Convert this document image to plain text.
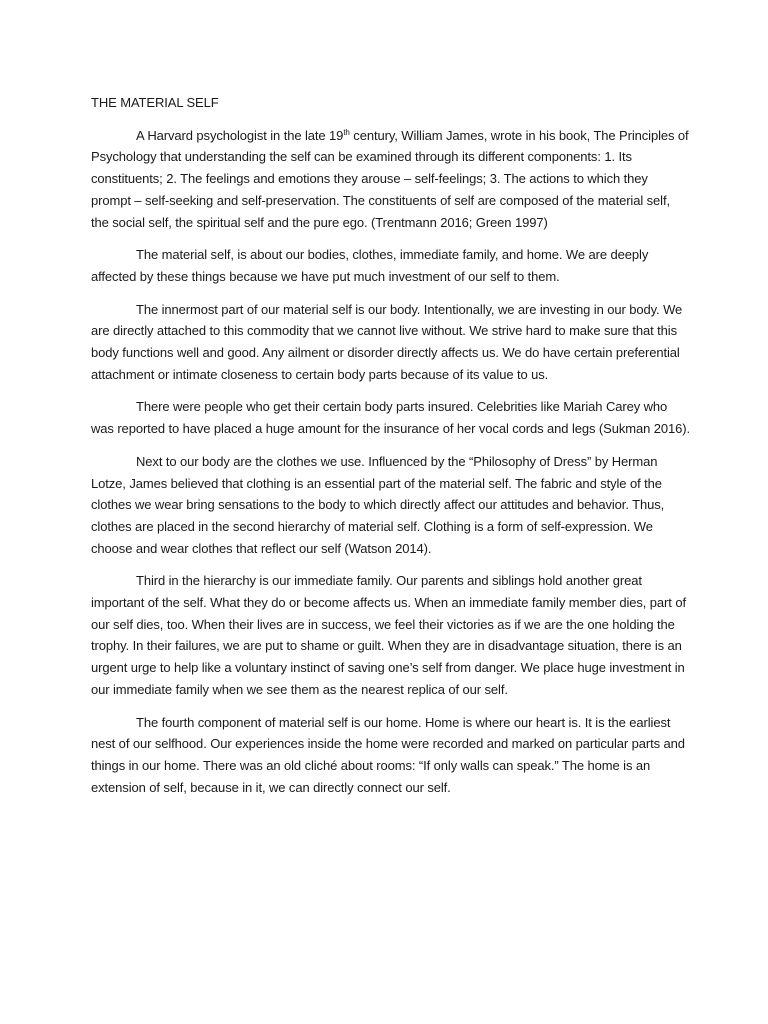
THE MATERIAL SELF

A Harvard psychologist in the late 19th century, William James, wrote in his book, The Principles of Psychology that understanding the self can be examined through its different components: 1. Its constituents; 2. The feelings and emotions they arouse – self-feelings; 3. The actions to which they prompt – self-seeking and self-preservation. The constituents of self are composed of the material self, the social self, the spiritual self and the pure ego. (Trentmann 2016; Green 1997)

The material self, is about our bodies, clothes, immediate family, and home. We are deeply affected by these things because we have put much investment of our self to them.

The innermost part of our material self is our body. Intentionally, we are investing in our body. We are directly attached to this commodity that we cannot live without. We strive hard to make sure that this body functions well and good. Any ailment or disorder directly affects us. We do have certain preferential attachment or intimate closeness to certain body parts because of its value to us.

There were people who get their certain body parts insured. Celebrities like Mariah Carey who was reported to have placed a huge amount for the insurance of her vocal cords and legs (Sukman 2016).

Next to our body are the clothes we use. Influenced by the “Philosophy of Dress” by Herman Lotze, James believed that clothing is an essential part of the material self. The fabric and style of the clothes we wear bring sensations to the body to which directly affect our attitudes and behavior. Thus, clothes are placed in the second hierarchy of material self. Clothing is a form of self-expression. We choose and wear clothes that reflect our self (Watson 2014).

Third in the hierarchy is our immediate family. Our parents and siblings hold another great important of the self. What they do or become affects us. When an immediate family member dies, part of our self dies, too. When their lives are in success, we feel their victories as if we are the one holding the trophy. In their failures, we are put to shame or guilt. When they are in disadvantage situation, there is an urgent urge to help like a voluntary instinct of saving one’s self from danger. We place huge investment in our immediate family when we see them as the nearest replica of our self.

The fourth component of material self is our home. Home is where our heart is. It is the earliest nest of our selfhood. Our experiences inside the home were recorded and marked on particular parts and things in our home. There was an old cliché about rooms: “If only walls can speak.” The home is an extension of self, because in it, we can directly connect our self.
